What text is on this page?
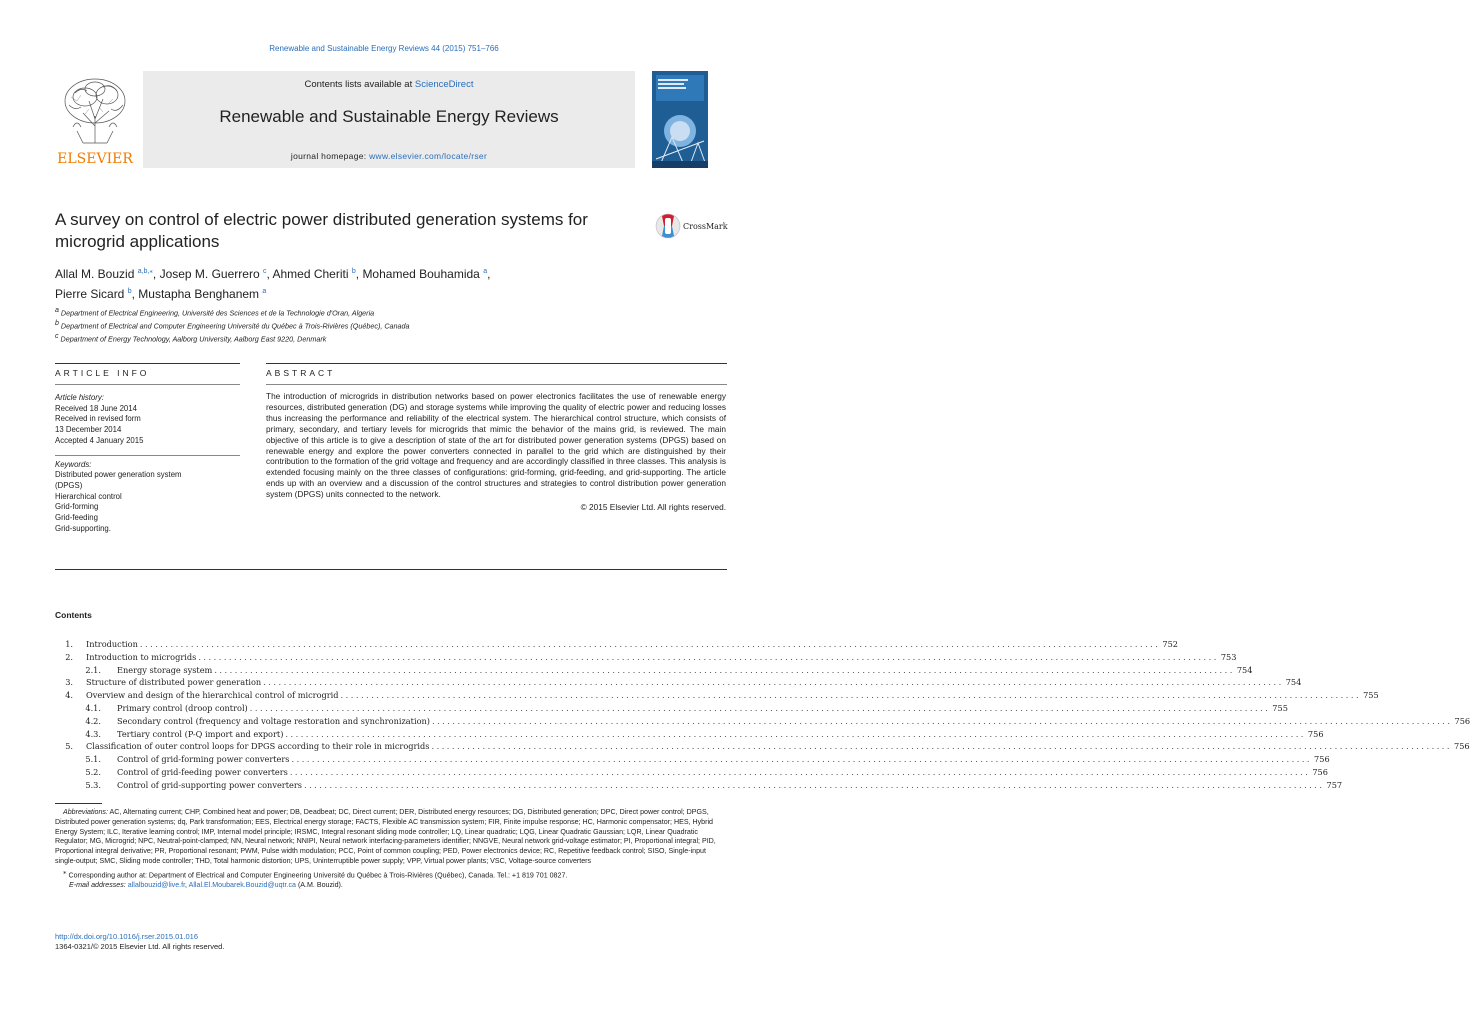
Renewable and Sustainable Energy Reviews 44 (2015) 751–766
ELSEVIER
Contents lists available at ScienceDirect
Renewable and Sustainable Energy Reviews
journal homepage: www.elsevier.com/locate/rser
A survey on control of electric power distributed generation systems for microgrid applications
CrossMark
Allal M. Bouzid $^{a,b,⁎}$, Josep M. Guerrero $^c$, Ahmed Cheriti $^b$, Mohamed Bouhamida $^a$,
Pierre Sicard $^b$, Mustapha Benghanem $^a$
$^a$ Department of Electrical Engineering, Université des Sciences et de la Technologie d'Oran, Algeria
$^b$ Department of Electrical and Computer Engineering Université du Québec à Trois-Rivières (Québec), Canada
$^c$ Department of Energy Technology, Aalborg University, Aalborg East 9220, Denmark
ARTICLE INFO	ABSTRACT
Article history:
Received 18 June 2014
Received in revised form
13 December 2014
Accepted 4 January 2015
Keywords:
Distributed power generation system
(DPGS)
Hierarchical control
Grid-forming
Grid-feeding
Grid-supporting.
The introduction of microgrids in distribution networks based on power electronics facilitates the use of renewable energy resources, distributed generation (DG) and storage systems while improving the quality of electric power and reducing losses thus increasing the performance and reliability of the electrical system. The hierarchical control structure, which consists of primary, secondary, and tertiary levels for microgrids that mimic the behavior of the mains grid, is reviewed. The main objective of this article is to give a description of state of the art for distributed power generation systems (DPGS) based on renewable energy and explore the power converters connected in parallel to the grid which are distinguished by their contribution to the formation of the grid voltage and frequency and are accordingly classified in three classes. This analysis is extended focusing mainly on the three classes of configurations: grid-forming, grid-feeding, and grid-supporting. The article ends up with an overview and a discussion of the control structures and strategies to control distribution power generation system (DPGS) units connected to the network.
© 2015 Elsevier Ltd. All rights reserved.
Contents
1. Introduction ........................................................................................................................................................................................................ 752
2. Introduction to microgrids ........................................................................................................................................................................................................ 753
2.1. Energy storage system ........................................................................................................................................................................................................ 754
3. Structure of distributed power generation ........................................................................................................................................................................................................ 754
4. Overview and design of the hierarchical control of microgrid ........................................................................................................................................................................................................ 755
4.1. Primary control (droop control) ........................................................................................................................................................................................................ 755
4.2. Secondary control (frequency and voltage restoration and synchronization) ........................................................................................................................................................................................................ 756
4.3. Tertiary control (P-Q import and export) ........................................................................................................................................................................................................ 756
5. Classification of outer control loops for DPGS according to their role in microgrids ........................................................................................................................................................................................................ 756
5.1. Control of grid-forming power converters ........................................................................................................................................................................................................ 756
5.2. Control of grid-feeding power converters ........................................................................................................................................................................................................ 756
5.3. Control of grid-supporting power converters ........................................................................................................................................................................................................ 757
Abbreviations: AC, Alternating current; CHP, Combined heat and power; DB, Deadbeat; DC, Direct current; DER, Distributed energy resources; DG, Distributed generation; DPC, Direct power control; DPGS, Distributed power generation systems; dq, Park transformation; EES, Electrical energy storage; FACTS, Flexible AC transmission system; FIR, Finite impulse response; HC, Harmonic compensator; HES, Hybrid Energy System; ILC, Iterative learning control; IMP, Internal model principle; IRSMC, Integral resonant sliding mode controller; LQ, Linear quadratic; LQG, Linear Quadratic Gaussian; LQR, Linear Quadratic Regulator; MG, Microgrid; NPC, Neutral-point-clamped; NN, Neural network; NNIPI, Neural network interfacing-parameters identifier; NNGVE, Neural network grid-voltage estimator; PI, Proportional integral; PID, Proportional integral derivative; PR, Proportional resonant; PWM, Pulse width modulation; PCC, Point of common coupling; PED, Power electronics device; RC, Repetitive feedback control; SISO, Single-input single-output; SMC, Sliding mode controller; THD, Total harmonic distortion; UPS, Uninterruptible power supply; VPP, Virtual power plants; VSC, Voltage-source converters
⁎ Corresponding author at: Department of Electrical and Computer Engineering Université du Québec à Trois-Rivières (Québec), Canada. Tel.: +1 819 701 0827.
E-mail addresses: allalbouzid@live.fr, Allal.El.Moubarek.Bouzid@uqtr.ca (A.M. Bouzid).
http://dx.doi.org/10.1016/j.rser.2015.01.016
1364-0321/© 2015 Elsevier Ltd. All rights reserved.
